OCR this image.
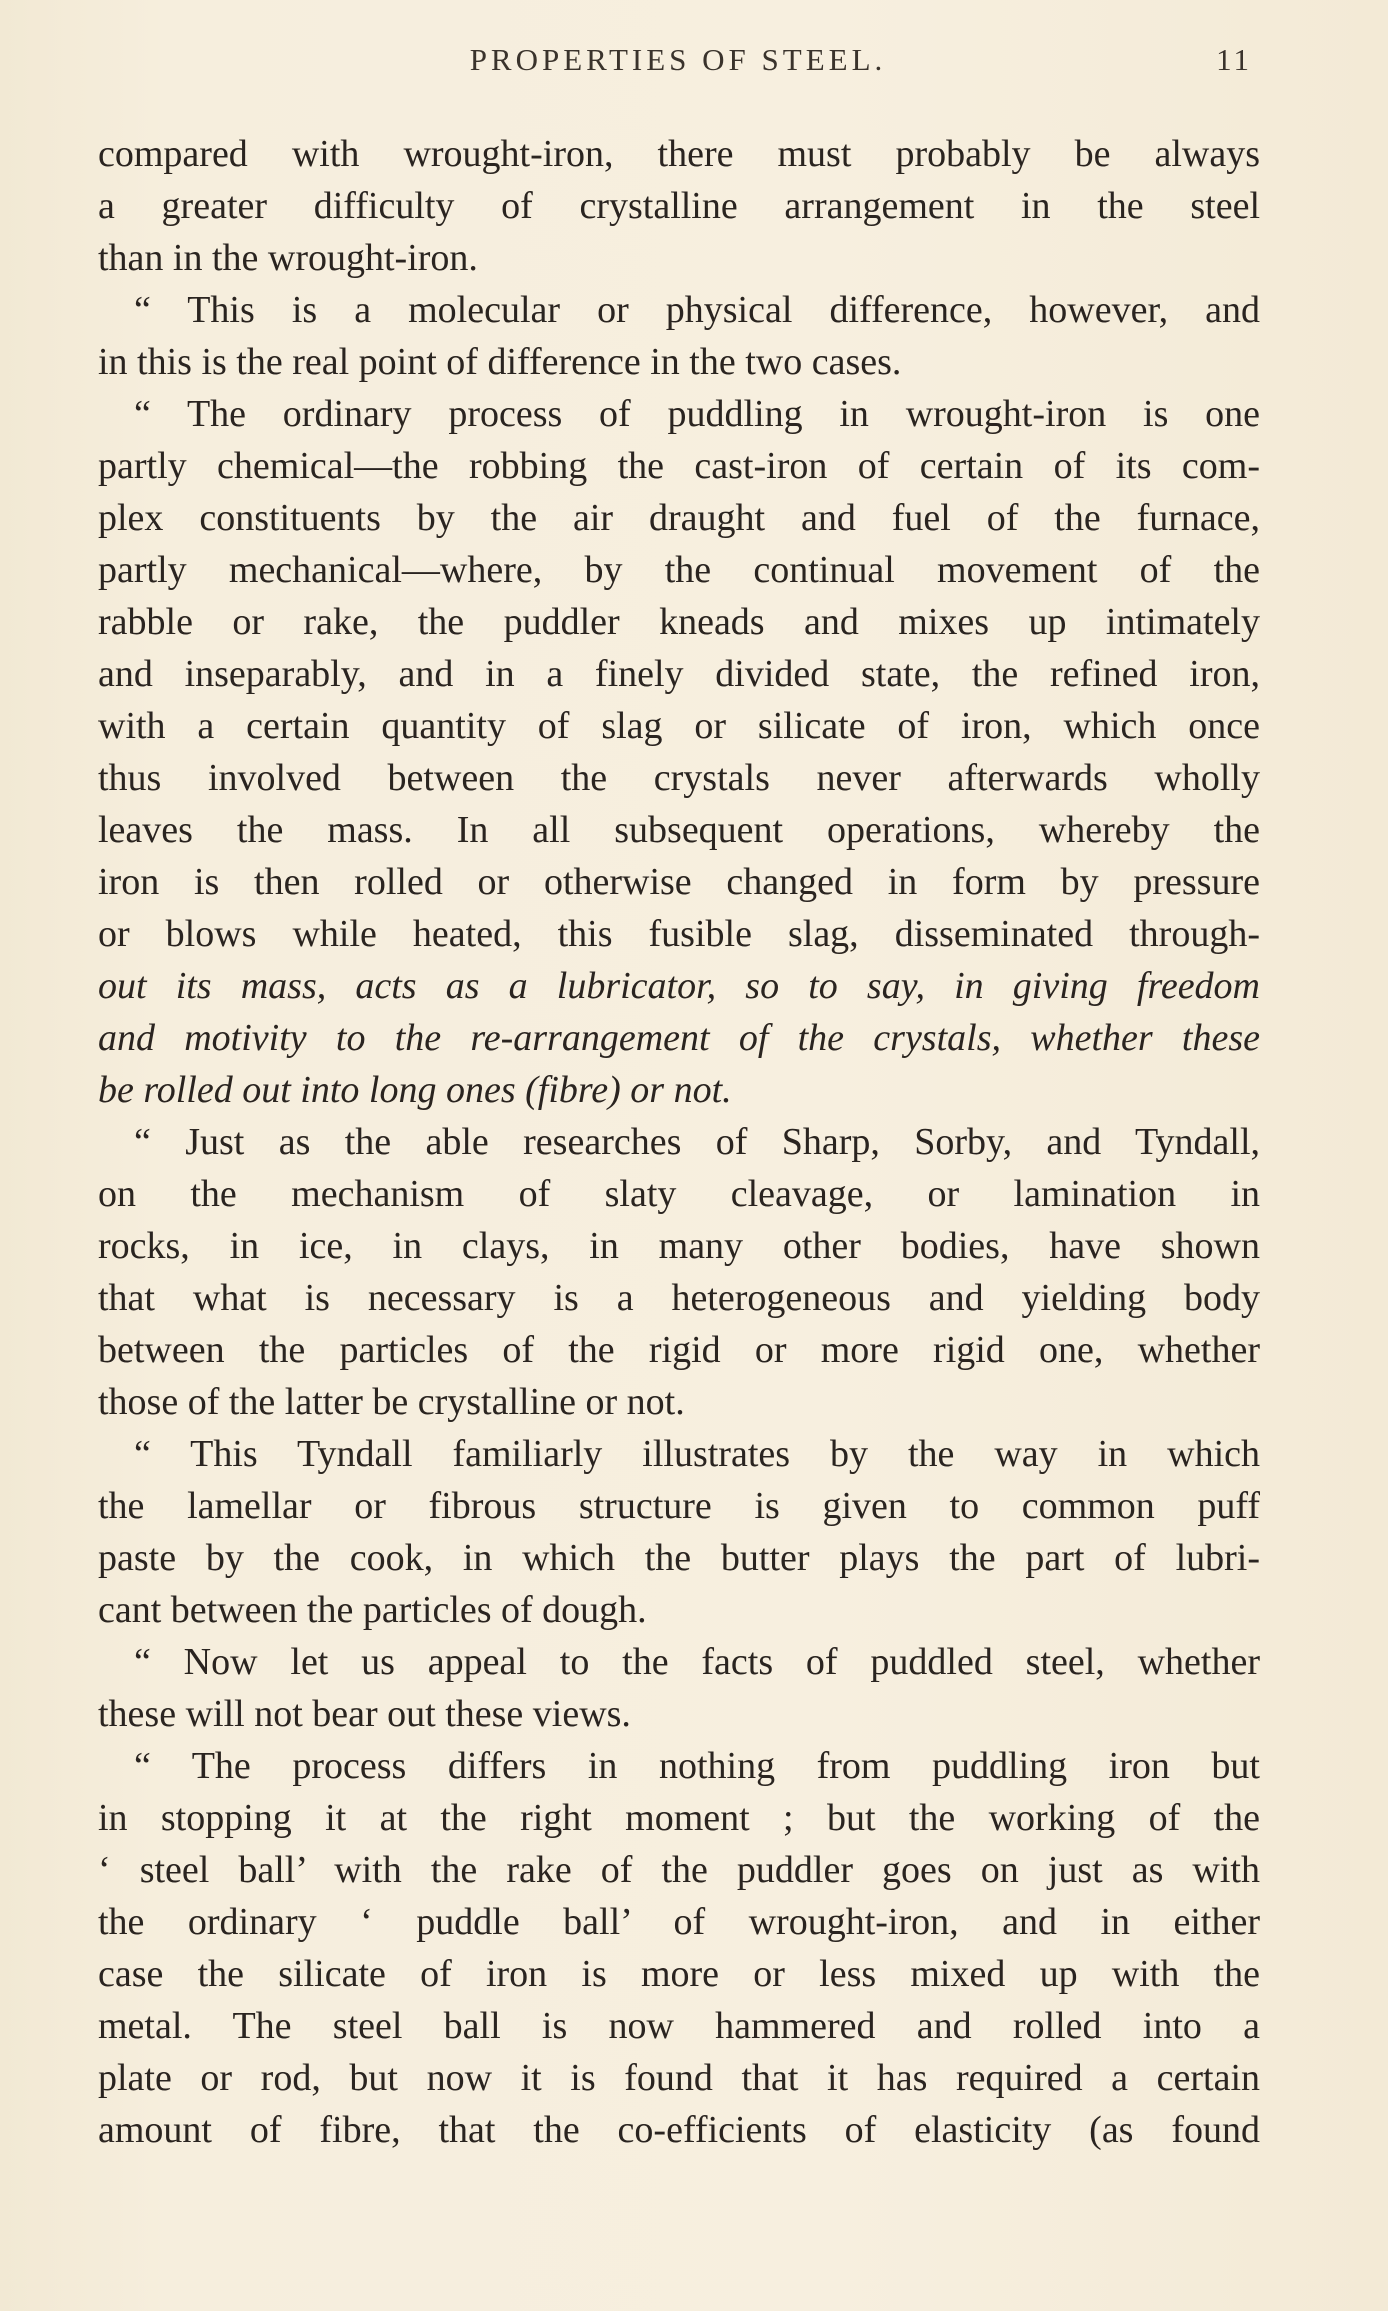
PROPERTIES OF STEEL.	11
compared with wrought-iron, there must probably be always
a greater difficulty of crystalline arrangement in the steel
than in the wrought-iron.
“ This is a molecular or physical difference, however, and
in this is the real point of difference in the two cases.
“ The ordinary process of puddling in wrought-iron is one
partly chemical—the robbing the cast-iron of certain of its com-
plex constituents by the air draught and fuel of the furnace,
partly mechanical—where, by the continual movement of the
rabble or rake, the puddler kneads and mixes up intimately
and inseparably, and in a finely divided state, the refined iron,
with a certain quantity of slag or silicate of iron, which once
thus involved between the crystals never afterwards wholly
leaves the mass. In all subsequent operations, whereby the
iron is then rolled or otherwise changed in form by pressure
or blows while heated, this fusible slag, disseminated through-
out its mass, acts as a lubricator, so to say, in giving freedom
and motivity to the re-arrangement of the crystals, whether these
be rolled out into long ones (fibre) or not.
“ Just as the able researches of Sharp, Sorby, and Tyndall,
on the mechanism of slaty cleavage, or lamination in
rocks, in ice, in clays, in many other bodies, have shown
that what is necessary is a heterogeneous and yielding body
between the particles of the rigid or more rigid one, whether
those of the latter be crystalline or not.
“ This Tyndall familiarly illustrates by the way in which
the lamellar or fibrous structure is given to common puff
paste by the cook, in which the butter plays the part of lubri-
cant between the particles of dough.
“ Now let us appeal to the facts of puddled steel, whether
these will not bear out these views.
“ The process differs in nothing from puddling iron but
in stopping it at the right moment ; but the working of the
‘ steel ball’ with the rake of the puddler goes on just as with
the ordinary ‘ puddle ball’ of wrought-iron, and in either
case the silicate of iron is more or less mixed up with the
metal. The steel ball is now hammered and rolled into a
plate or rod, but now it is found that it has required a certain
amount of fibre, that the co-efficients of elasticity (as found
